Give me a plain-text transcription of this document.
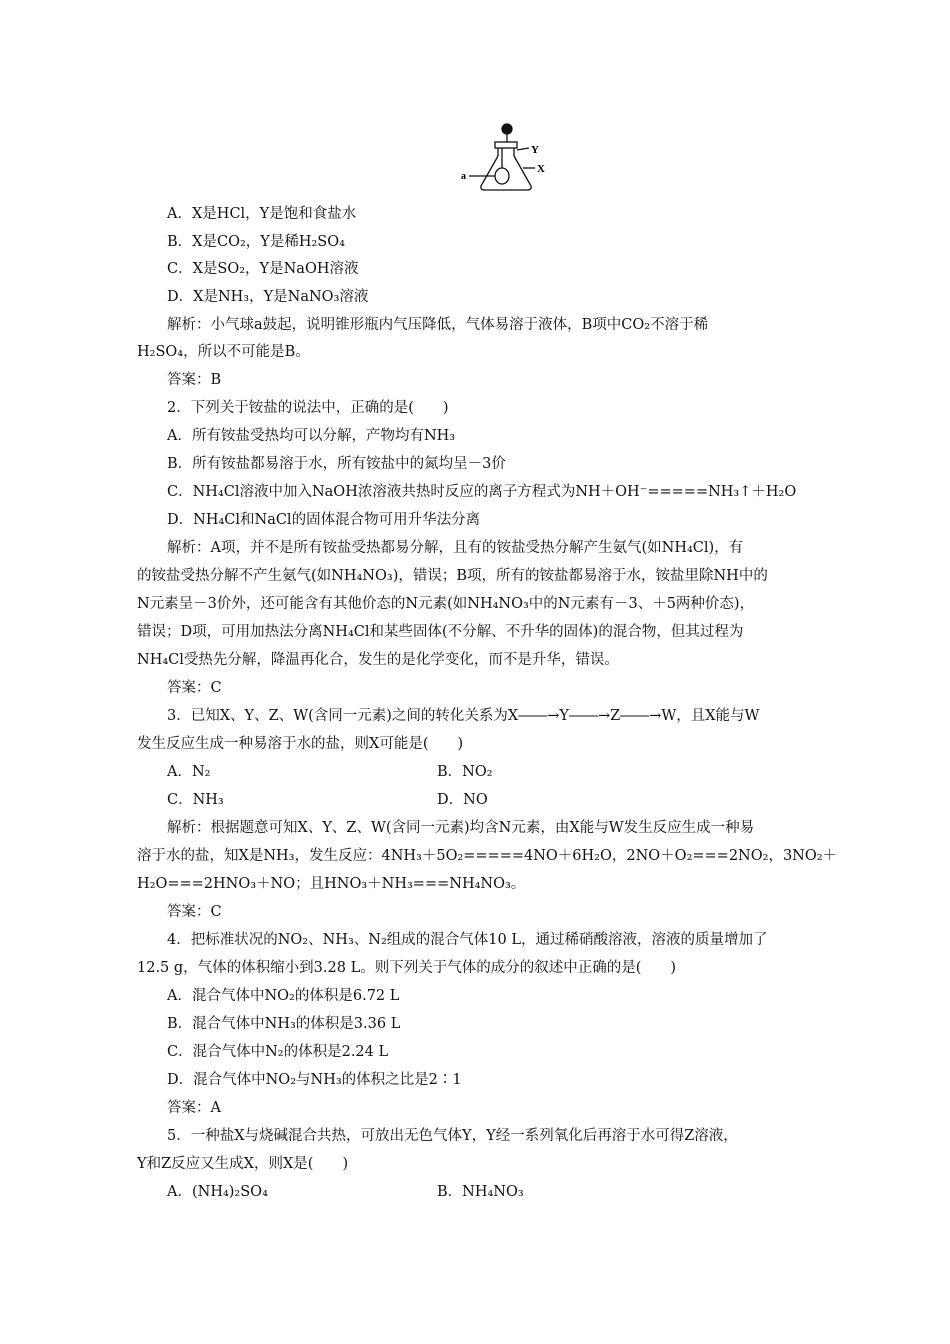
Y
X
a
A．X是HCl，Y是饱和食盐水
B．X是CO₂，Y是稀H₂SO₄
C．X是SO₂，Y是NaOH溶液
D．X是NH₃，Y是NaNO₃溶液
解析：小气球a鼓起，说明锥形瓶内气压降低，气体易溶于液体，B项中CO₂不溶于稀
H₂SO₄，所以不可能是B。
答案：B
2．下列关于铵盐的说法中，正确的是(　　)
A．所有铵盐受热均可以分解，产物均有NH₃
B．所有铵盐都易溶于水，所有铵盐中的氮均呈－3价
C．NH₄Cl溶液中加入NaOH浓溶液共热时反应的离子方程式为NH＋OH⁻=====NH₃↑＋H₂O
D．NH₄Cl和NaCl的固体混合物可用升华法分离
解析：A项，并不是所有铵盐受热都易分解，且有的铵盐受热分解产生氨气(如NH₄Cl)，有
的铵盐受热分解不产生氨气(如NH₄NO₃)，错误；B项，所有的铵盐都易溶于水，铵盐里除NH中的
N元素呈－3价外，还可能含有其他价态的N元素(如NH₄NO₃中的N元素有－3、＋5两种价态)，
错误；D项，可用加热法分离NH₄Cl和某些固体(不分解、不升华的固体)的混合物，但其过程为
NH₄Cl受热先分解，降温再化合，发生的是化学变化，而不是升华，错误。
答案：C
3．已知X、Y、Z、W(含同一元素)之间的转化关系为X――→Y――→Z――→W，且X能与W
发生反应生成一种易溶于水的盐，则X可能是(　　)
A．N₂	B．NO₂
C．NH₃	D．NO
解析：根据题意可知X、Y、Z、W(含同一元素)均含N元素，由X能与W发生反应生成一种易
溶于水的盐，知X是NH₃，发生反应：4NH₃＋5O₂=====4NO＋6H₂O，2NO＋O₂===2NO₂，3NO₂＋
H₂O===2HNO₃＋NO；且HNO₃＋NH₃===NH₄NO₃。
答案：C
4．把标准状况的NO₂、NH₃、N₂组成的混合气体10 L，通过稀硝酸溶液，溶液的质量增加了
12.5 g，气体的体积缩小到3.28 L。则下列关于气体的成分的叙述中正确的是(　　)
A．混合气体中NO₂的体积是6.72 L
B．混合气体中NH₃的体积是3.36 L
C．混合气体中N₂的体积是2.24 L
D．混合气体中NO₂与NH₃的体积之比是2∶1
答案：A
5．一种盐X与烧碱混合共热，可放出无色气体Y，Y经一系列氧化后再溶于水可得Z溶液，
Y和Z反应又生成X，则X是(　　)
A．(NH₄)₂SO₄	B．NH₄NO₃
